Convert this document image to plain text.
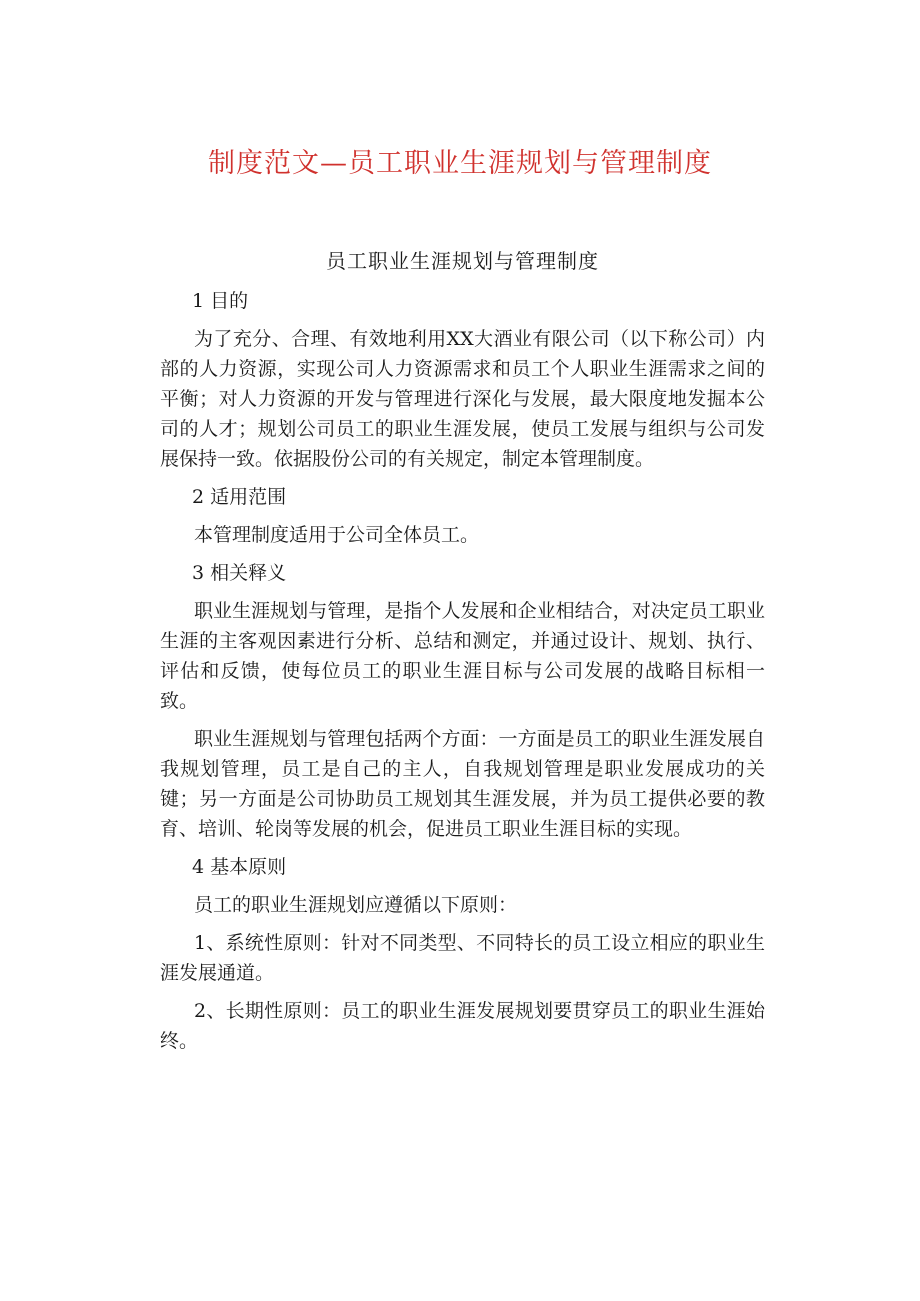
制度范文—员工职业生涯规划与管理制度
员工职业生涯规划与管理制度
1 目的

为了充分、合理、有效地利用XX大酒业有限公司（以下称公司）内部的人力资源，实现公司人力资源需求和员工个人职业生涯需求之间的平衡；对人力资源的开发与管理进行深化与发展，最大限度地发掘本公司的人才；规划公司员工的职业生涯发展，使员工发展与组织与公司发展保持一致。依据股份公司的有关规定，制定本管理制度。

2 适用范围

本管理制度适用于公司全体员工。

3 相关释义

职业生涯规划与管理，是指个人发展和企业相结合，对决定员工职业生涯的主客观因素进行分析、总结和测定，并通过设计、规划、执行、评估和反馈，使每位员工的职业生涯目标与公司发展的战略目标相一致。

职业生涯规划与管理包括两个方面：一方面是员工的职业生涯发展自我规划管理，员工是自己的主人，自我规划管理是职业发展成功的关键；另一方面是公司协助员工规划其生涯发展，并为员工提供必要的教育、培训、轮岗等发展的机会，促进员工职业生涯目标的实现。

4 基本原则

员工的职业生涯规划应遵循以下原则：

1、系统性原则：针对不同类型、不同特长的员工设立相应的职业生涯发展通道。

2、长期性原则：员工的职业生涯发展规划要贯穿员工的职业生涯始终。
